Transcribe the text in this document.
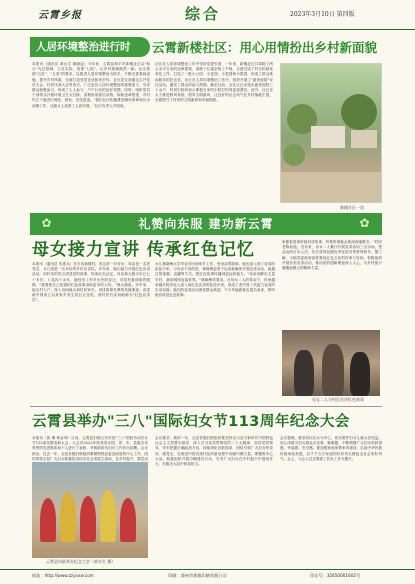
云霄乡报	综合	2023年3月10日 第四版
人居环境整治进行时	云霄新楼社区：用心用情扮出乡村新面貌
本报讯（通讯员 黄水生 黄晓孟）今年来，云霄县和平乡新楼社区以"和合"为总基调，立足实际、找准"七抓"，让乡村面貌焕然一新。社区按照"五好"、"五美"的要求，以推进人居环境整治为抓手，不断完善基础设施，提升乡村风貌，全面打造宜居宜业和美乡村。社区党支部通过召开党员大会、村民代表大会等形式，广泛宣传人居环境整治的重要意义，引导群众积极参与，形成了人人参与、户户行动的良好氛围。同时，组织党员干部带头开展环境卫生大扫除，清理房前屋后杂物，拆除违章搭建，对村内主干道进行硬化、绿化、亮化改造。"我们社区积极推进厕所革命和污水治理工作，从源头上改善了人居环境。"社区负责人介绍说。
社区在人居环境整治工作中坚持党建引领，一年来，新楼社区共拆除了两万余平方米的违章建筑，清理了垃圾杂物上千吨，全面完成了村庄的绿化美化工作，打造了一批小公园、小花园、小菜园和小果园，形成了群众休闲娱乐的好去处。社区在人居环境整治工作中，组织开展了"最美庭院"评比活动，激发了群众的参与热情。截至目前，全社区已评选出最美庭院三十余户，村民们纷纷表示要把自家的小院打扮得更加漂亮。此外，社区还大力推进移风易俗，倡导文明新风，让良好的社会风气在乡村落地生根，全面提升了村民的文明素养和幸福指数。
新楼社区一角
✿	礼赞向东服 建功新云霄	✿
母女接力宣讲 传承红色记忆
本报讯（通讯员 朱惠兵）在半田新楼村，有这样一对母女，母亲是一名老党员，女儿则是一名年轻的乡村宣讲员。多年来，她们接力开展红色宣讲活动，用朴实的语言讲述党的故事，传承红色记忆。母亲黄大娘今年已七十多岁，入党四十余年，她经历了许多历史的变迁，对党有着深厚的感情。"我要把自己知道的红色故事讲给更多的人听。"黄大娘说。多年来，她走村入户，深入田间地头和村民家中，讲述革命先辈的英雄事迹，讲述新中国成立以来家乡发生的巨大变化，被村民们亲切地称为"红色宣讲员"。
女儿林晓梅大学毕业后回到家乡工作，受母亲的影响，她也加入到了宣讲的队伍中来。与母亲不同的是，林晓梅更善于运用新媒体开展宣讲活动，她通过短视频、直播等方式，把红色故事传播到更远的地方。"母亲用脚步丈量乡村，我用网络连接世界。"林晓梅笑着说。在母女二人的带动下，村里越来越多的年轻人加入到红色宣讲的队伍中来，形成了老中青三代接力宣讲的生动局面。她们的宣讲活动深受群众欢迎，不少外地游客也慕名而来，聆听她们讲述红色故事。
家都很喜欢听她们讲故事，听着听着就会被深深地吸引。"村民老陈说道。近年来，母女二人累计开展宣讲活动三百余场，受众达两万余人次，先后获得县级优秀宣讲员等荣誉称号。据了解，当地党委政府高度重视红色文化的传承与发扬，积极组织开展各类宣讲活动，推动党的创新理论深入人心，为乡村振兴凝聚起强大的精神力量。
母女二人为村民宣讲红色故事
云霄县举办"三八"国际妇女节113周年纪念大会
本报讯（张 琳 林金坤）日前，云霄县妇联召开庆祝"三八"国际劳动妇女节113周年暨表彰大会，大会对2022年度获得全国、省、市、县级各类荣誉的先进集体和个人进行了表彰，并就新时代妇女工作作出部署。会议指出，过去一年，全县各级妇联组织紧紧围绕县委县政府的中心工作，团结带领全县广大妇女积极投身经济社会发展主战场，在乡村振兴、基层治
云霄县妇联举办纪念大会（黄水生 摄）
会议要求，新的一年，全县各级妇联组织要坚持以习近平新时代中国特色社会主义思想为指导，深入学习宣传贯彻党的二十大精神，坚持党的领导，牢牢把握正确政治方向，持续深化妇联改革，团结引领广大妇女听党话、跟党走，在推进中国式现代化的新征程中贡献巾帼力量。要聚焦中心大局，积极组织开展巾帼建功行动，引导广大妇女在乡村振兴中展现作为，在服务大局中彰显担当。
会议强调，要坚持以妇女为中心，切实维护妇女儿童合法权益，用心用情为妇女群众办实事、解难题，不断增强广大妇女的获得感、幸福感、安全感。要加强家庭家教家风建设，弘扬中华民族传统家庭美德，以千千万万家庭的好家风支撑起全社会的好风气。会上，与会人员还观看了妇女工作专题片。
网址：http://www.zzyxxw.com	印刷：漳州市粤雅印刷有限公司	印证号：35650001602号
